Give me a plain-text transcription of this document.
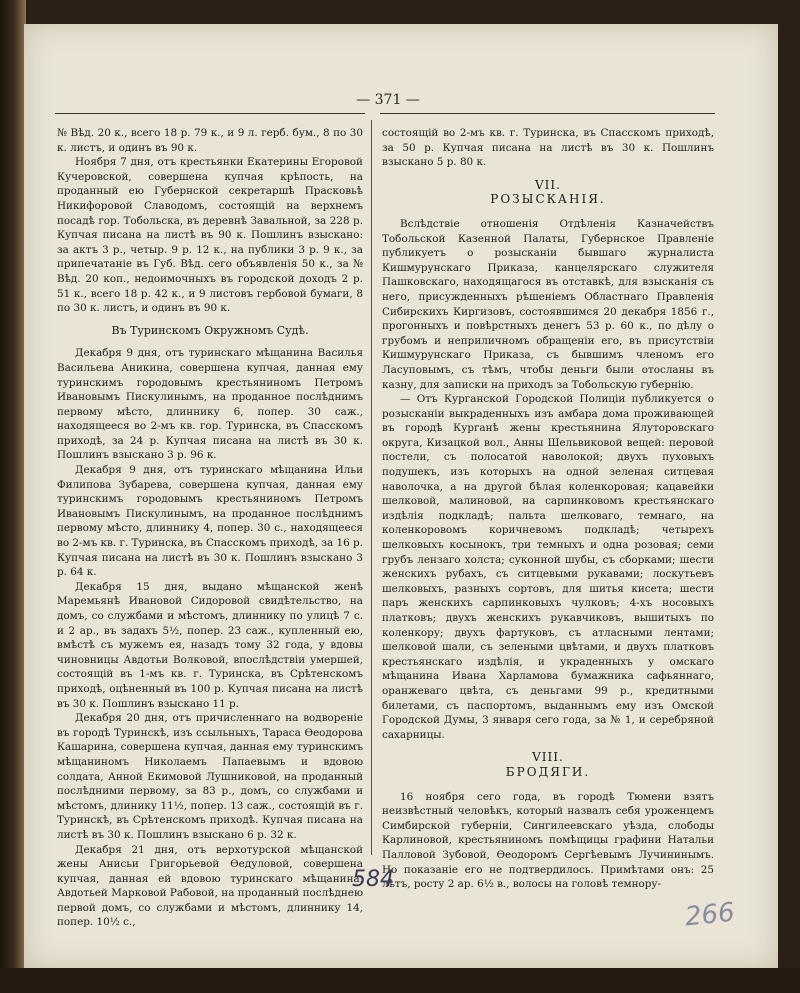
— 371 —

№ Вѣд. 20 к., всего 18 р. 79 к., и 9 л. герб. бум., 8 по 30 к. листъ, и одинъ въ 90 к.

Ноября 7 дня, отъ крестьянки Екатерины Егоровой Кучеровской, совершена купчая крѣпость, на проданный ею Губернской секретаршѣ Прасковьѣ Никифоровой Славодомъ, состоящій на верхнемъ посадѣ гор. Тобольска, въ деревнѣ Завальной, за 228 р. Купчая писана на листѣ въ 90 к. Пошлинъ взыскано: за актъ 3 р., четыр. 9 р. 12 к., на публики 3 р. 9 к., за припечатаніе въ Губ. Вѣд. сего объявленія 50 к., за № Вѣд. 20 коп., недоимочныхъ въ городской доходъ 2 р. 51 к., всего 18 р. 42 к., и 9 листовъ гербовой бумаги, 8 по 30 к. листъ, и одинъ въ 90 к.

Въ Туринскомъ Окружномъ Судѣ.

Декабря 9 дня, отъ туринскаго мѣщанина Василья Васильева Аникина, совершена купчая, данная ему туринскимъ городовымъ крестьяниномъ Петромъ Ивановымъ Пискулинымъ, на проданное послѣднимъ первому мѣсто, длиннику 6, попер. 30 саж., находящееся во 2-мъ кв. гор. Туринска, въ Спасскомъ приходѣ, за 24 р. Купчая писана на листѣ въ 30 к. Пошлинъ взыскано 3 р. 96 к.

Декабря 9 дня, отъ туринскаго мѣщанина Ильи Филипова Зубарева, совершена купчая, данная ему туринскимъ городовымъ крестьяниномъ Петромъ Ивановымъ Пискулинымъ, на проданное послѣднимъ первому мѣсто, длиннику 4, попер. 30 с., находящееся во 2-мъ кв. г. Туринска, въ Спасскомъ приходѣ, за 16 р. Купчая писана на листѣ въ 30 к. Пошлинъ взыскано 3 р. 64 к.

Декабря 15 дня, выдано мѣщанской женѣ Маремьянѣ Ивановой Сидоровой свидѣтельство, на домъ, со службами и мѣстомъ, длиннику по улицѣ 7 с. и 2 ар., въ задахъ 5½, попер. 23 саж., купленный ею, вмѣстѣ съ мужемъ ея, назадъ тому 32 года, у вдовы чиновницы Авдотьи Волковой, впослѣдствіи умершей, состоящій въ 1-мъ кв. г. Туринска, въ Срѣтенскомъ приходѣ, оцѣненный въ 100 р. Купчая писана на листѣ въ 30 к. Пошлинъ взыскано 11 р.

Декабря 20 дня, отъ причисленнаго на водвореніе въ городѣ Туринскѣ, изъ ссыльныхъ, Тараса Ѳеодорова Кашарина, совершена купчая, данная ему туринскимъ мѣщаниномъ Николаемъ Папаевымъ и вдовою солдата, Анной Екимовой Лушниковой, на проданный послѣдними первому, за 83 р., домъ, со службами и мѣстомъ, длинику 11½, попер. 13 саж., состоящій въ г. Туринскѣ, въ Срѣтенскомъ приходѣ. Купчая писана на листѣ въ 30 к. Пошлинъ взыскано 6 р. 32 к.

Декабря 21 дня, отъ верхотурской мѣщанской жены Анисьи Григорьевой Ѳедуловой, совершена купчая, данная ей вдовою туринскаго мѣщанина, Авдотьей Марковой Рабовой, на проданный послѣднею первой домъ, со службами и мѣстомъ, длиннику 14, попер. 10½ с.,

состоящій во 2-мъ кв. г. Туринска, въ Спасскомъ приходѣ, за 50 р. Купчая писана на листѣ въ 30 к. Пошлинъ взыскано 5 р. 80 к.

VII.

РОЗЫСКАНІЯ.

Вслѣдствіе отношенія Отдѣленія Казначействъ Тобольской Казенной Палаты, Губернское Правленіе публикуетъ о розысканіи бывшаго журналиста Кишмурунскаго Приказа, канцелярскаго служителя Пашковскаго, находящагося въ отставкѣ, для взысканія съ него, присужденныхъ рѣшеніемъ Областнаго Правленія Сибирскихъ Киргизовъ, состоявшимся 20 декабря 1856 г., прогонныхъ и повѣрстныхъ денегъ 53 р. 60 к., по дѣлу о грубомъ и неприличномъ обращеніи его, въ присутствіи Кишмурунскаго Приказа, съ бывшимъ членомъ его Ласуповымъ, съ тѣмъ, чтобы деньги были отосланы въ казну, для записки на приходъ за Тобольскую губернію.

— Отъ Курганской Городской Полиціи публикуется о розысканіи выкраденныхъ изъ амбара дома проживающей въ городѣ Курганѣ жены крестьянина Ялуторовскаго округа, Кизацкой вол., Анны Шельвиковой вещей: перовой постели, съ полосатой наволокой; двухъ пуховыхъ подушекъ, изъ которыхъ на одной зеленая ситцевая наволочка, а на другой бѣлая коленкоровая; кацавейки шелковой, малиновой, на сарпинковомъ крестьянскаго издѣлія подкладѣ; пальта шелковаго, темнаго, на коленкоровомъ коричневомъ подкладѣ; четырехъ шелковыхъ косынокъ, три темныхъ и одна розовая; семи грубъ лензаго холста; суконной шубы, съ сборками; шести женскихъ рубахъ, съ ситцевыми рукавами; лоскутьевъ шелковыхъ, разныхъ сортовъ, для шитья кисета; шести паръ женскихъ сарпинковыхъ чулковъ; 4-хъ носовыхъ платковъ; двухъ женскихъ рукавчиковъ, вышитыхъ по коленкору; двухъ фартуковъ, съ атласными лентами; шелковой шали, съ зелеными цвѣтами, и двухъ платковъ крестьянскаго издѣлія, и украденныхъ у омскаго мѣщанина Ивана Харламова бумажника сафьяннаго, оранжеваго цвѣта, съ деньгами 99 р., кредитными билетами, съ паспортомъ, выданнымъ ему изъ Омской Городской Думы, 3 января сего года, за № 1, и серебряной сахарницы.

VIII.

БРОДЯГИ.

16 ноября сего года, въ городѣ Тюмени взятъ неизвѣстный человѣкъ, который назвалъ себя уроженцемъ Симбирской губерніи, Сингилеевскаго уѣзда, слободы Карлиновой, крестьяниномъ помѣщицы графини Натальи Палловой Зубовой, Ѳеодоромъ Сергѣевымъ Лучининымъ. Но показаніе его не подтвердилось. Примѣтами онъ: 25 лѣтъ, росту 2 ар. 6½ в., волосы на головѣ темнору-

584
266
